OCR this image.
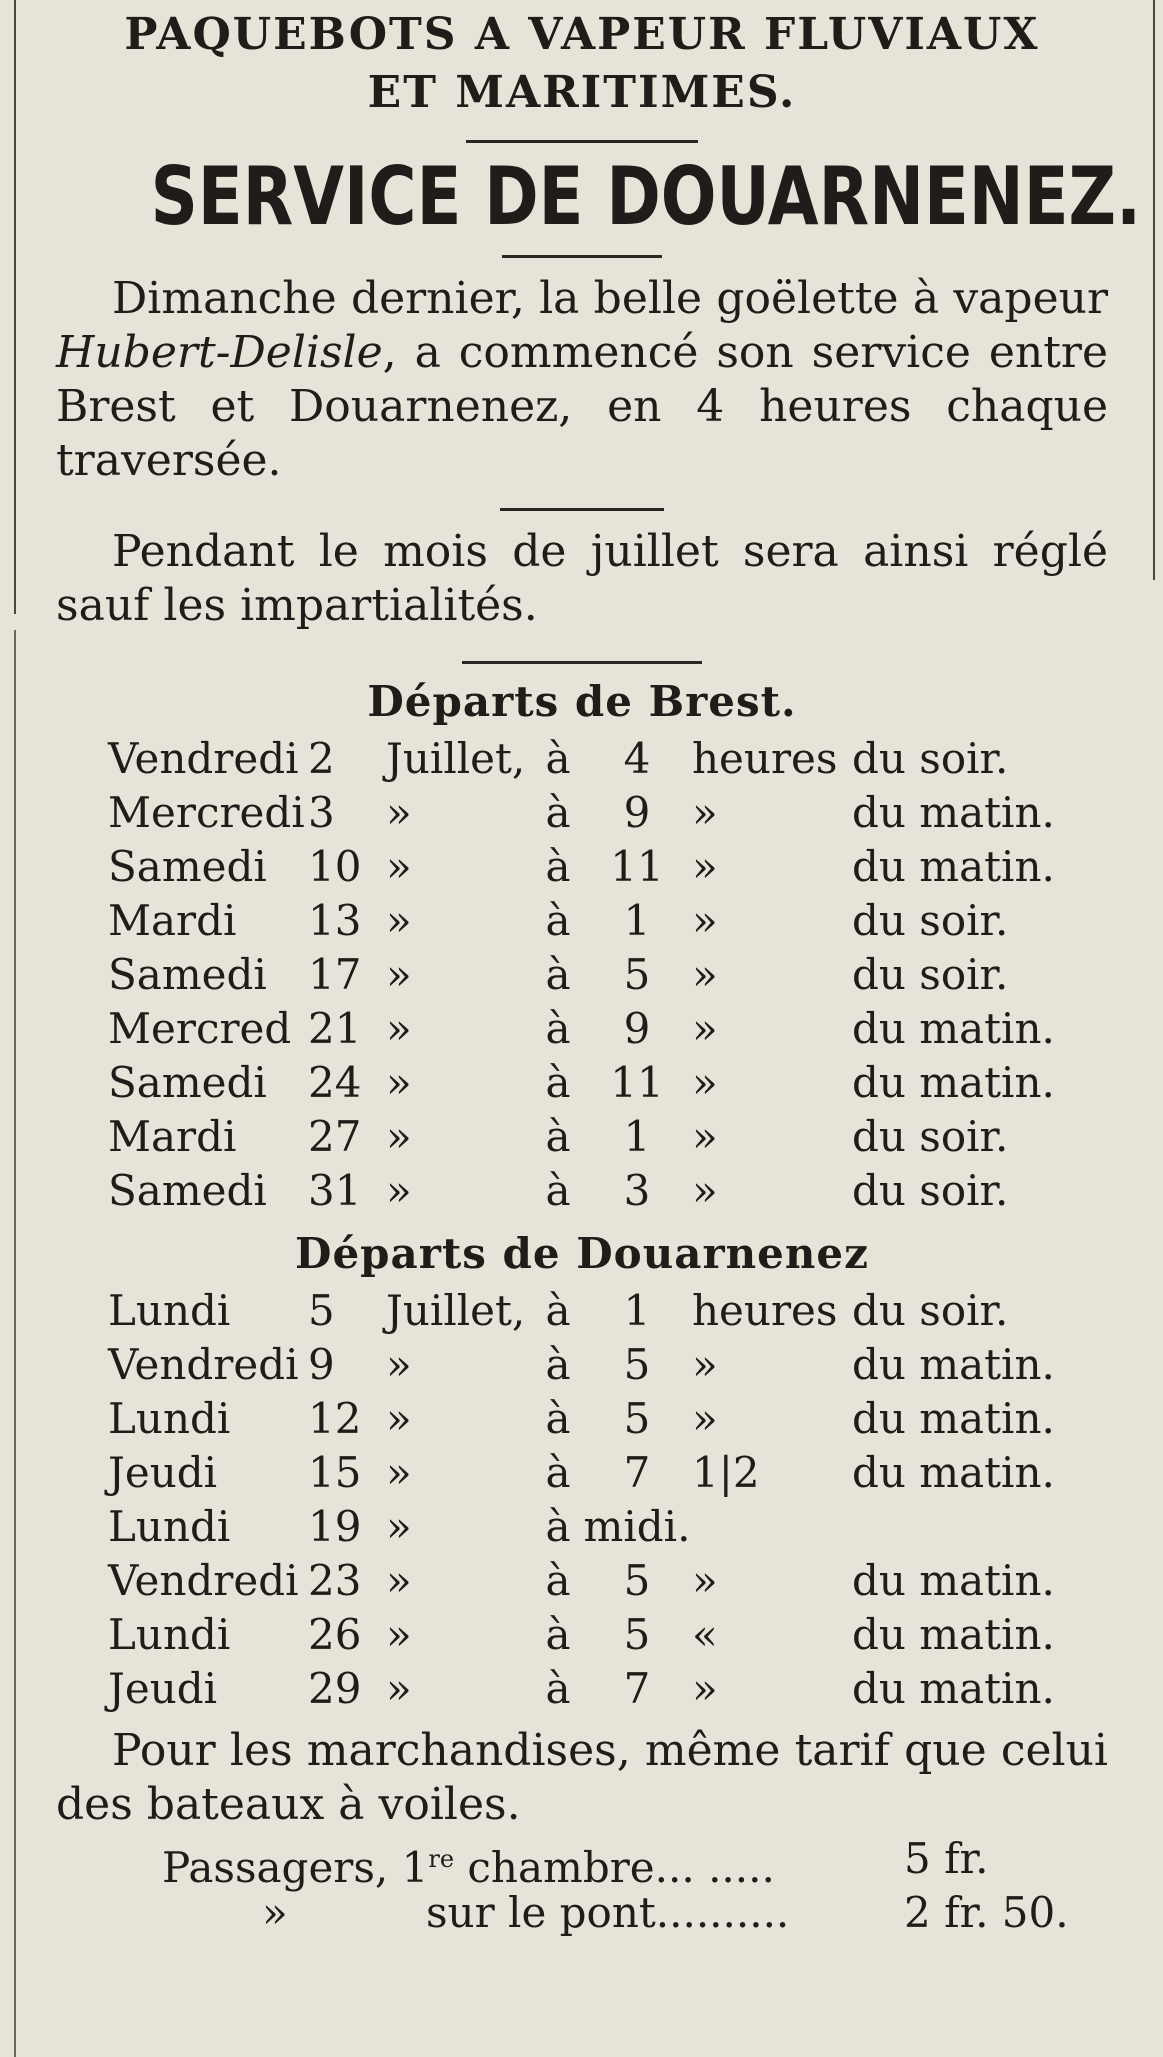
PAQUEBOTS A VAPEUR FLUVIAUX
ET MARITIMES.
SERVICE DE DOUARNENEZ.
Dimanche dernier, la belle goëlette à vapeur Hubert-Delisle, a commencé son service entre Brest et Douarnenez, en 4 heures chaque traversée.
Pendant le mois de juillet sera ainsi réglé sauf les impartialités.
Départs de Brest.
Vendredi	2	Juillet,	à	4	heures	du soir.
Mercredi	3	»	à	9	»	du matin.
Samedi	10	»	à	11	»	du matin.
Mardi	13	»	à	1	»	du soir.
Samedi	17	»	à	5	»	du soir.
Mercred	21	»	à	9	»	du matin.
Samedi	24	»	à	11	»	du matin.
Mardi	27	»	à	1	»	du soir.
Samedi	31	»	à	3	»	du soir.
Départs de Douarnenez
Lundi	5	Juillet,	à	1	heures	du soir.
Vendredi	9	»	à	5	»	du matin.
Lundi	12	»	à	5	»	du matin.
Jeudi	15	»	à	7	1|2	du matin.
Lundi	19	»	à	midi.		
Vendredi	23	»	à	5	»	du matin.
Lundi	26	»	à	5	«	du matin.
Jeudi	29	»	à	7	»	du matin.
Pour les marchandises, même tarif que celui des bateaux à voiles.
Passagers, 1re chambre... .....	5 fr.
»	sur le pont..........	2 fr. 50.
